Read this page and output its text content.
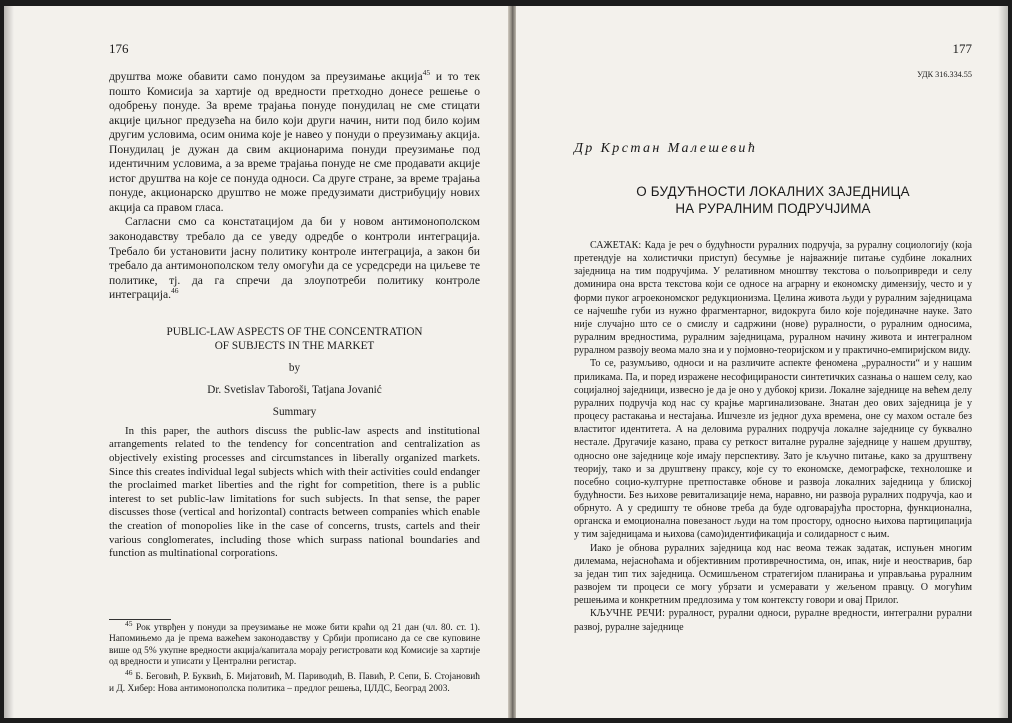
176

друштва може обавити само понудом за преузимање акција$^{45}$ и то тек пошто Комисија за хартије од вредности претходно донесе решење о одобрењу понуде. За време трајања понуде понудилац не сме стицати акције циљног предузећа на било који други начин, нити под било којим другим условима, осим онима које је навео у понуди о преузимању акција. Понудилац је дужан да свим акционарима понуди преузимање под идентичним условима, а за време трајања понуде не сме продавати акције истог друштва на које се понуда односи. Са друге стране, за време трајања понуде, акционарско друштво не може предузимати дистрибуцију нових акција са правом гласа.

Сагласни смо са констатацијом да би у новом антимонополском законодавству требало да се уведу одредбе о контроли интеграција. Требало би установити јасну политику контроле интеграција, а закон би требало да антимонополском телу омогући да се усредсреди на циљеве те политике, тј. да га спречи да злоупотреби политику контроле интеграција.$^{46}$

PUBLIC-LAW ASPECTS OF THE CONCENTRATION
OF SUBJECTS IN THE MARKET
by
Dr. Svetislav Taboroši, Tatjana Jovanić
Summary

In this paper, the authors discuss the public-law aspects and institutional arrangements related to the tendency for concentration and centralization as objectively existing processes and circumstances in liberally organized markets. Since this creates individual legal subjects which with their activities could endanger the proclaimed market liberties and the right for competition, there is a public interest to set public-law limitations for such subjects. In that sense, the paper discusses those (vertical and horizontal) contracts between companies which enable the creation of monopolies like in the case of concerns, trusts, cartels and their various conglomerates, including those which surpass national boundaries and function as multinational corporations.

$^{45}$ Рок утврђен у понуди за преузимање не може бити краћи од 21 дан (чл. 80. ст. 1). Напомињемо да је према важећем законодавству у Србији прописано да се све куповине више од 5% укупне вредности акција/капитала морају регистровати код Комисије за хартије од вредности и уписати у Централни регистар.

$^{46}$ Б. Беговић, Р. Буквић, Б. Мијатовић, М. Париводић, В. Павић, Р. Сепи, Б. Стојановић и Д. Хибер: Нова антимонополска политика – предлог решења, ЦЛДС, Београд 2003.

177
УДК 316.334.55
Др Крстан Малешевић
О БУДУЋНОСТИ ЛОКАЛНИХ ЗАЈЕДНИЦА
НА РУРАЛНИМ ПОДРУЧЈИМА

САЖЕТАК: Када је реч о будућности руралних подручја, за руралну социологију (која претендује на холистички приступ) бесумње је најважније питање судбине локалних заједница на тим подручјима. У релативном мноштву текстова о пољопривреди и селу доминира она врста текстова који се односе на аграрну и економску димензију, често и у форми пуког агроекономског редукционизма. Целина живота људи у руралним заједницама се најчешће губи из нужно фрагментарног, видокруга било које појединачне науке. Зато није случајно што се о смислу и садржини (нове) руралности, о руралним односима, руралним вредностима, руралним заједницама, руралном начину живота и интегралном руралном развоју веома мало зна и у појмовно-теоријском и у практично-емпиријском виду.

То се, разумљиво, односи и на различите аспекте феномена „руралности“ и у нашим приликама. Па, и поред изражене несофицираности синтетичких сазнања о нашем селу, као социјалној заједници, извесно је да је оно у дубокој кризи. Локалне заједнице на већем делу руралних подручја код нас су крајње маргинализоване. Знатан део ових заједница је у процесу растакања и нестајања. Ишчезле из једног духа времена, оне су махом остале без властитог идентитета. А на деловима руралних подручја локалне заједнице су буквално нестале. Другачије казано, права су реткост виталне руралне заједнице у нашем друштву, односно оне заједнице које имају перспективу. Зато је кључно питање, како за друштвену теорију, тако и за друштвену праксу, које су то економске, демографске, технолошке и посебно социо-културне претпоставке обнове и развоја локалних заједница у блиској будућности. Без њихове ревитализације нема, наравно, ни развоја руралних подручја, као и обрнуто. А у средишту те обнове треба да буде одговарајућа просторна, функционална, органска и емоционална повезаност људи на том простору, односно њихова партиципација у тим заједницама и њихова (само)идентификација и солидарност с њим.

Иако је обнова руралних заједница код нас веома тежак задатак, испуњен многим дилемама, нејасноћама и објективним противречностима, он, ипак, није и неостварив, бар за један тип тих заједница. Осмишљеном стратегијом планирања и управљања руралним развојем ти процеси се могу убрзати и усмеравати у жељеном правцу. О могућим решењима и конкретним предлозима у том контексту говори и овај Прилог.

КЉУЧНЕ РЕЧИ: руралност, рурални односи, руралне вредности, интегрални рурални развој, руралне заједнице
